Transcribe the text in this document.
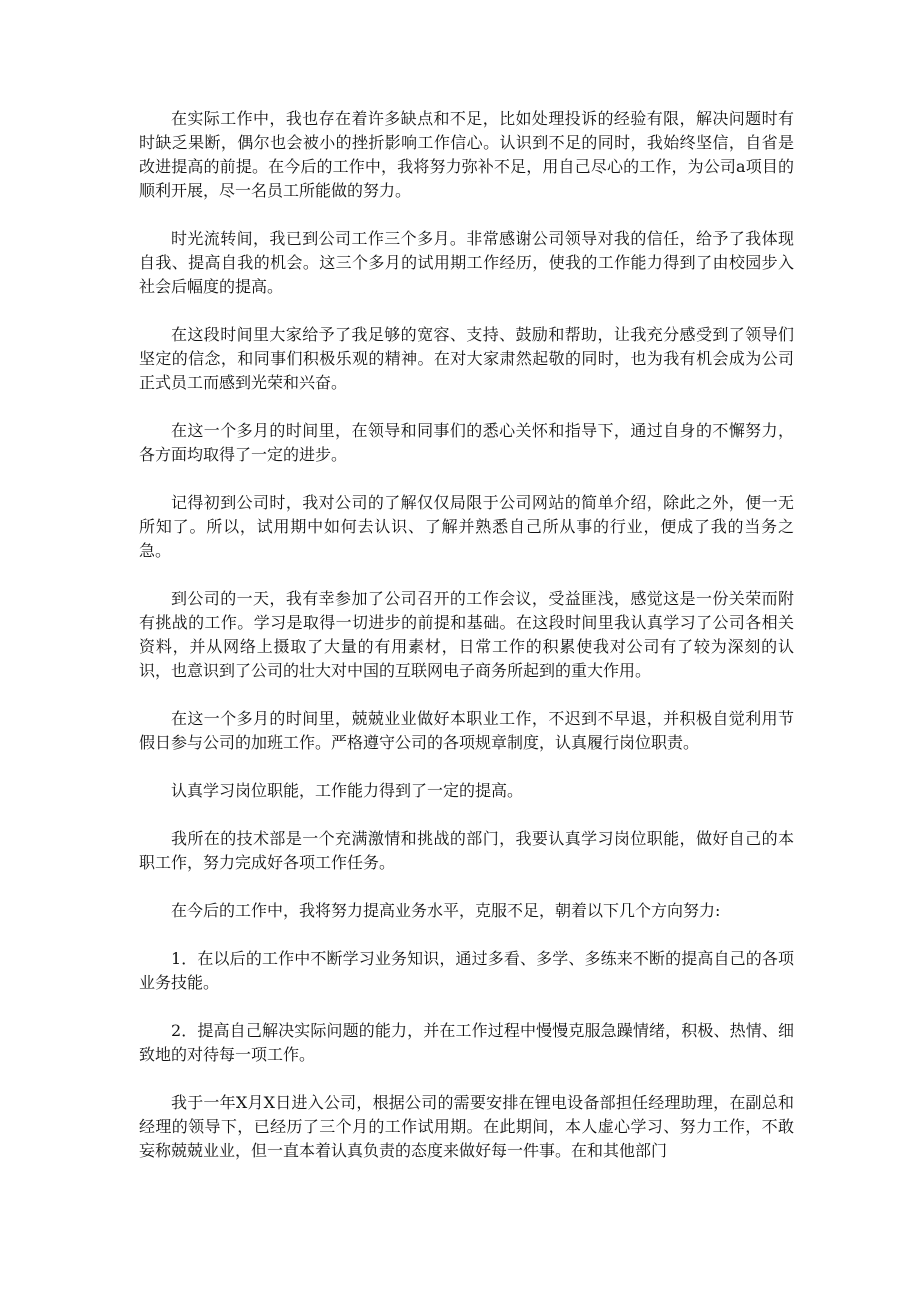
在实际工作中，我也存在着许多缺点和不足，比如处理投诉的经验有限，解决问题时有时缺乏果断，偶尔也会被小的挫折影响工作信心。认识到不足的同时，我始终坚信，自省是改进提高的前提。在今后的工作中，我将努力弥补不足，用自己尽心的工作，为公司a项目的顺利开展，尽一名员工所能做的努力。

时光流转间，我已到公司工作三个多月。非常感谢公司领导对我的信任，给予了我体现自我、提高自我的机会。这三个多月的试用期工作经历，使我的工作能力得到了由校园步入社会后幅度的提高。

在这段时间里大家给予了我足够的宽容、支持、鼓励和帮助，让我充分感受到了领导们坚定的信念，和同事们积极乐观的精神。在对大家肃然起敬的同时，也为我有机会成为公司正式员工而感到光荣和兴奋。

在这一个多月的时间里，在领导和同事们的悉心关怀和指导下，通过自身的不懈努力，各方面均取得了一定的进步。

记得初到公司时，我对公司的了解仅仅局限于公司网站的简单介绍，除此之外，便一无所知了。所以，试用期中如何去认识、了解并熟悉自己所从事的行业，便成了我的当务之急。

到公司的一天，我有幸参加了公司召开的工作会议，受益匪浅，感觉这是一份关荣而附有挑战的工作。学习是取得一切进步的前提和基础。在这段时间里我认真学习了公司各相关资料，并从网络上摄取了大量的有用素材，日常工作的积累使我对公司有了较为深刻的认识，也意识到了公司的壮大对中国的互联网电子商务所起到的重大作用。

在这一个多月的时间里，兢兢业业做好本职业工作，不迟到不早退，并积极自觉利用节假日参与公司的加班工作。严格遵守公司的各项规章制度，认真履行岗位职责。

认真学习岗位职能，工作能力得到了一定的提高。

我所在的技术部是一个充满激情和挑战的部门，我要认真学习岗位职能，做好自己的本职工作，努力完成好各项工作任务。

在今后的工作中，我将努力提高业务水平，克服不足，朝着以下几个方向努力:

1．在以后的工作中不断学习业务知识，通过多看、多学、多练来不断的提高自己的各项业务技能。

2．提高自己解决实际问题的能力，并在工作过程中慢慢克服急躁情绪，积极、热情、细致地的对待每一项工作。

我于一年X月X日进入公司，根据公司的需要安排在锂电设备部担任经理助理，在副总和经理的领导下，已经历了三个月的工作试用期。在此期间，本人虚心学习、努力工作，不敢妄称兢兢业业，但一直本着认真负责的态度来做好每一件事。在和其他部门
